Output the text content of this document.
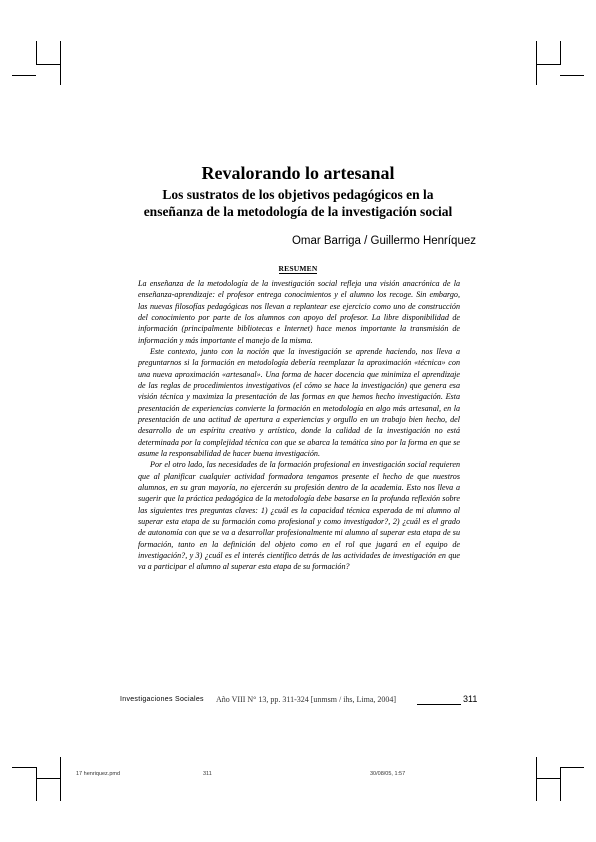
Revalorando lo artesanal
Los sustratos de los objetivos pedagógicos en la
enseñanza de la metodología de la investigación social
Omar Barriga / Guillermo Henríquez
RESUMEN

La enseñanza de la metodología de la investigación social refleja una visión anacrónica de la enseñanza-aprendizaje: el profesor entrega conocimientos y el alumno los recoge. Sin embargo, las nuevas filosofías pedagógicas nos llevan a replantear ese ejercicio como uno de construcción del conocimiento por parte de los alumnos con apoyo del profesor. La libre disponibilidad de información (principalmente bibliotecas e Internet) hace menos importante la transmisión de información y más importante el manejo de la misma.

Este contexto, junto con la noción que la investigación se aprende haciendo, nos lleva a preguntarnos si la formación en metodología debería reemplazar la aproximación «técnica» con una nueva aproximación «artesanal». Una forma de hacer docencia que minimiza el aprendizaje de las reglas de procedimientos investigativos (el cómo se hace la investigación) que genera esa visión técnica y maximiza la presentación de las formas en que hemos hecho investigación. Esta presentación de experiencias convierte la formación en metodología en algo más artesanal, en la presentación de una actitud de apertura a experiencias y orgullo en un trabajo bien hecho, del desarrollo de un espíritu creativo y artístico, donde la calidad de la investigación no está determinada por la complejidad técnica con que se abarca la temática sino por la forma en que se asume la responsabilidad de hacer buena investigación.

Por el otro lado, las necesidades de la formación profesional en investigación social requieren que al planificar cualquier actividad formadora tengamos presente el hecho de que nuestros alumnos, en su gran mayoría, no ejercerán su profesión dentro de la academia. Esto nos lleva a sugerir que la práctica pedagógica de la metodología debe basarse en la profunda reflexión sobre las siguientes tres preguntas claves: 1) ¿cuál es la capacidad técnica esperada de mi alumno al superar esta etapa de su formación como profesional y como investigador?, 2) ¿cuál es el grado de autonomía con que se va a desarrollar profesionalmente mi alumno al superar esta etapa de su formación, tanto en la definición del objeto como en el rol que jugará en el equipo de investigación?, y 3) ¿cuál es el interés científico detrás de las actividades de investigación en que va a participar el alumno al superar esta etapa de su formación?

Investigaciones Sociales Año VIII N° 13, pp. 311-324 [unmsm / ihs, Lima, 2004]	311
17 henriquez.pmd	311	30/08/05, 1:57
